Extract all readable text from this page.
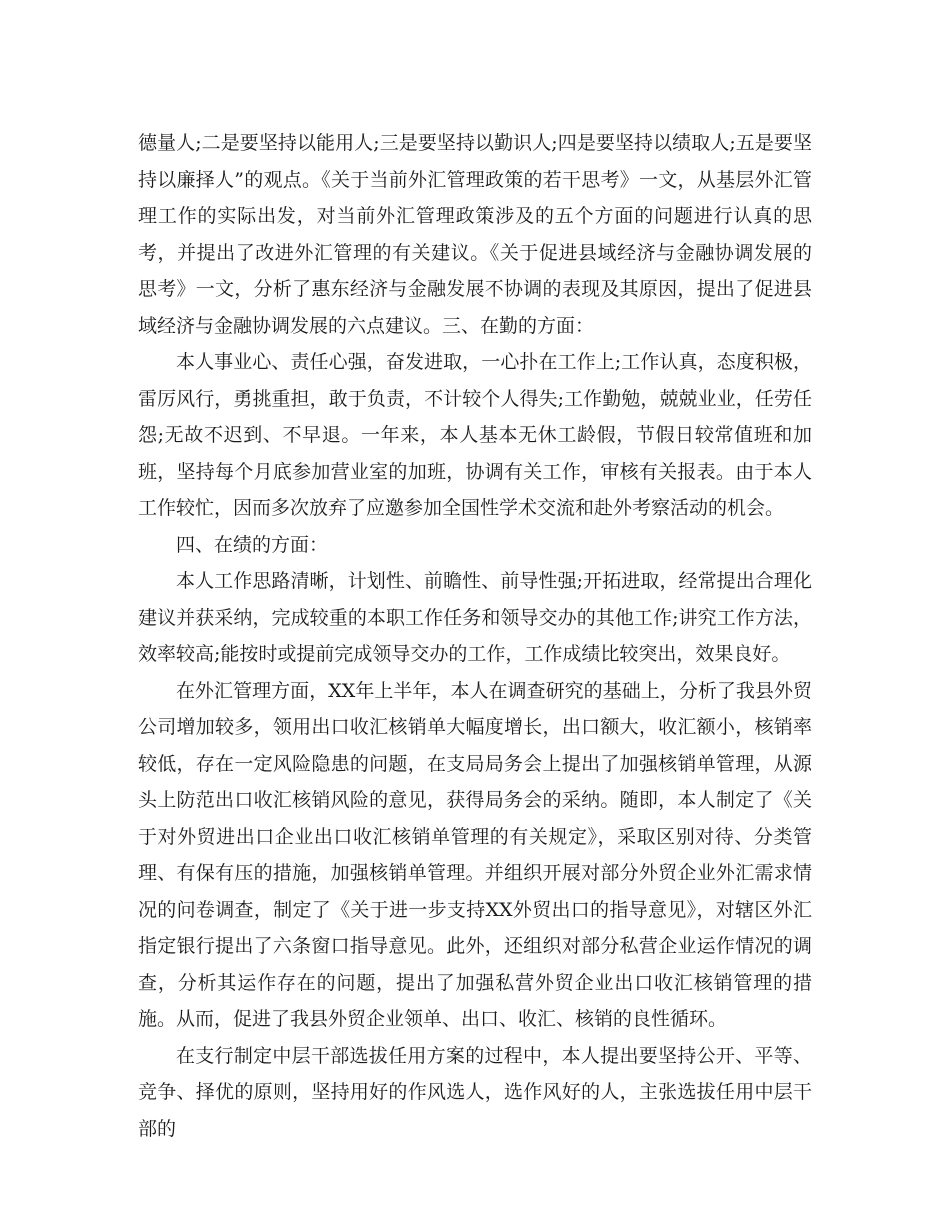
德量人;二是要坚持以能用人;三是要坚持以勤识人;四是要坚持以绩取人;五是要坚持以廉择人”的观点。《关于当前外汇管理政策的若干思考》一文，从基层外汇管理工作的实际出发，对当前外汇管理政策涉及的五个方面的问题进行认真的思考，并提出了改进外汇管理的有关建议。《关于促进县域经济与金融协调发展的思考》一文，分析了惠东经济与金融发展不协调的表现及其原因，提出了促进县域经济与金融协调发展的六点建议。三、在勤的方面：

本人事业心、责任心强，奋发进取，一心扑在工作上;工作认真，态度积极，雷厉风行，勇挑重担，敢于负责，不计较个人得失;工作勤勉，兢兢业业，任劳任怨;无故不迟到、不早退。一年来，本人基本无休工龄假，节假日较常值班和加班，坚持每个月底参加营业室的加班，协调有关工作，审核有关报表。由于本人工作较忙，因而多次放弃了应邀参加全国性学术交流和赴外考察活动的机会。

四、在绩的方面：

本人工作思路清晰，计划性、前瞻性、前导性强;开拓进取，经常提出合理化建议并获采纳，完成较重的本职工作任务和领导交办的其他工作;讲究工作方法，效率较高;能按时或提前完成领导交办的工作，工作成绩比较突出，效果良好。

在外汇管理方面，XX年上半年，本人在调查研究的基础上，分析了我县外贸公司增加较多，领用出口收汇核销单大幅度增长，出口额大，收汇额小，核销率较低，存在一定风险隐患的问题，在支局局务会上提出了加强核销单管理，从源头上防范出口收汇核销风险的意见，获得局务会的采纳。随即，本人制定了《关于对外贸进出口企业出口收汇核销单管理的有关规定》，采取区别对待、分类管理、有保有压的措施，加强核销单管理。并组织开展对部分外贸企业外汇需求情况的问卷调查，制定了《关于进一步支持XX外贸出口的指导意见》，对辖区外汇指定银行提出了六条窗口指导意见。此外，还组织对部分私营企业运作情况的调查，分析其运作存在的问题，提出了加强私营外贸企业出口收汇核销管理的措施。从而，促进了我县外贸企业领单、出口、收汇、核销的良性循环。

在支行制定中层干部选拔任用方案的过程中，本人提出要坚持公开、平等、竞争、择优的原则，坚持用好的作风选人，选作风好的人，主张选拔任用中层干部的
